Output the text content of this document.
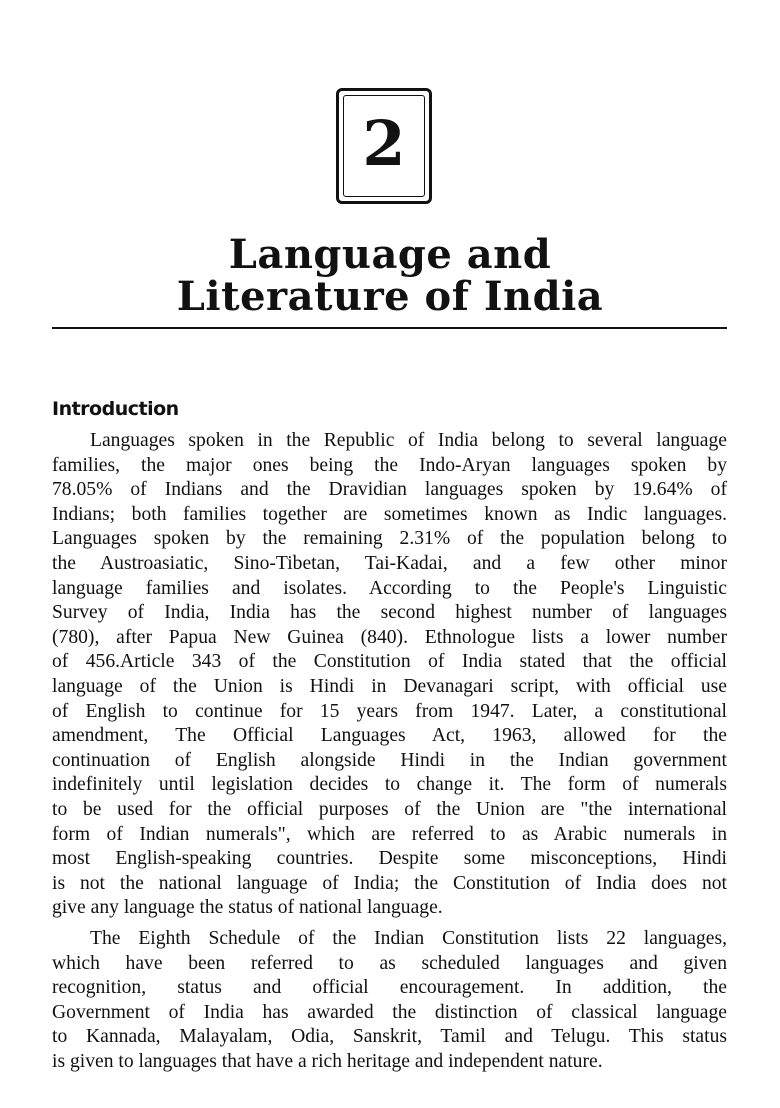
2
Language and
Literature of India
Introduction
Languages spoken in the Republic of India belong to several language
families, the major ones being the Indo-Aryan languages spoken by
78.05% of Indians and the Dravidian languages spoken by 19.64% of
Indians; both families together are sometimes known as Indic languages.
Languages spoken by the remaining 2.31% of the population belong to
the Austroasiatic, Sino-Tibetan, Tai-Kadai, and a few other minor
language families and isolates. According to the People's Linguistic
Survey of India, India has the second highest number of languages
(780), after Papua New Guinea (840). Ethnologue lists a lower number
of 456.Article 343 of the Constitution of India stated that the official
language of the Union is Hindi in Devanagari script, with official use
of English to continue for 15 years from 1947. Later, a constitutional
amendment, The Official Languages Act, 1963, allowed for the
continuation of English alongside Hindi in the Indian government
indefinitely until legislation decides to change it. The form of numerals
to be used for the official purposes of the Union are "the international
form of Indian numerals", which are referred to as Arabic numerals in
most English-speaking countries. Despite some misconceptions, Hindi
is not the national language of India; the Constitution of India does not
give any language the status of national language.
The Eighth Schedule of the Indian Constitution lists 22 languages,
which have been referred to as scheduled languages and given
recognition, status and official encouragement. In addition, the
Government of India has awarded the distinction of classical language
to Kannada, Malayalam, Odia, Sanskrit, Tamil and Telugu. This status
is given to languages that have a rich heritage and independent nature.
